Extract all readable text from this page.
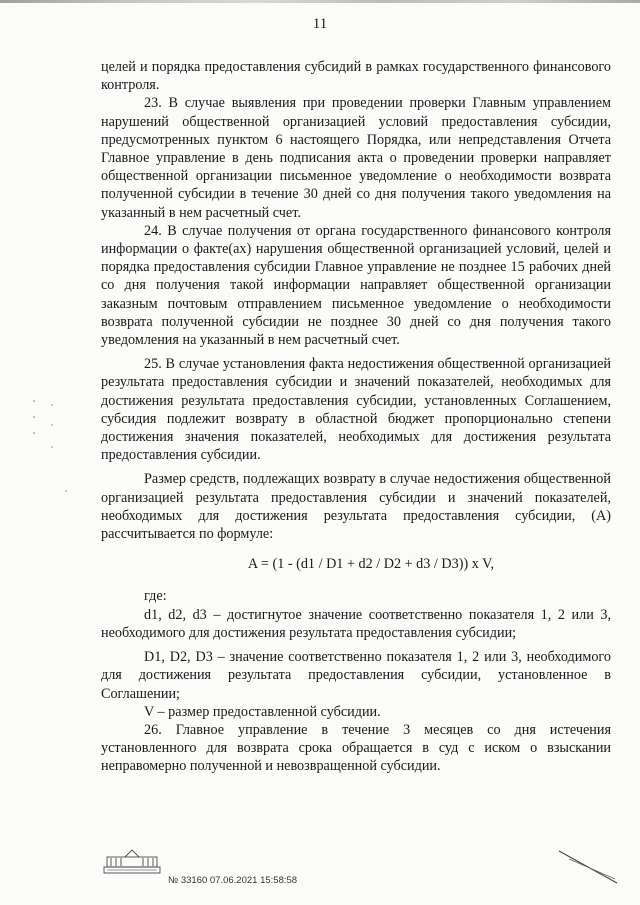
11

целей и порядка предоставления субсидий в рамках государственного финансового контроля.

23. В случае выявления при проведении проверки Главным управлением нарушений общественной организацией условий предоставления субсидии, предусмотренных пунктом 6 настоящего Порядка, или непредставления Отчета Главное управление в день подписания акта о проведении проверки направляет общественной организации письменное уведомление о необходимости возврата полученной субсидии в течение 30 дней со дня получения такого уведомления на указанный в нем расчетный счет.

24. В случае получения от органа государственного финансового контроля информации о факте(ах) нарушения общественной организацией условий, целей и порядка предоставления субсидии Главное управление не позднее 15 рабочих дней со дня получения такой информации направляет общественной организации заказным почтовым отправлением письменное уведомление о необходимости возврата полученной субсидии не позднее 30 дней со дня получения такого уведомления на указанный в нем расчетный счет.

25. В случае установления факта недостижения общественной организацией результата предоставления субсидии и значений показателей, необходимых для достижения результата предоставления субсидии, установленных Соглашением, субсидия подлежит возврату в областной бюджет пропорционально степени достижения значения показателей, необходимых для достижения результата предоставления субсидии.

Размер средств, подлежащих возврату в случае недостижения общественной организацией результата предоставления субсидии и значений показателей, необходимых для достижения результата предоставления субсидии, (А) рассчитывается по формуле:

A = (1 - (d1 / D1 + d2 / D2 + d3 / D3)) x V,

где:

d1, d2, d3 – достигнутое значение соответственно показателя 1, 2 или 3, необходимого для достижения результата предоставления субсидии;

D1, D2, D3 – значение соответственно показателя 1, 2 или 3, необходимого для достижения результата предоставления субсидии, установленное в Соглашении;

V – размер предоставленной субсидии.

26. Главное управление в течение 3 месяцев со дня истечения установленного для возврата срока обращается в суд с иском о взыскании неправомерно полученной и невозвращенной субсидии.

№ 33160 07.06.2021 15:58:58
